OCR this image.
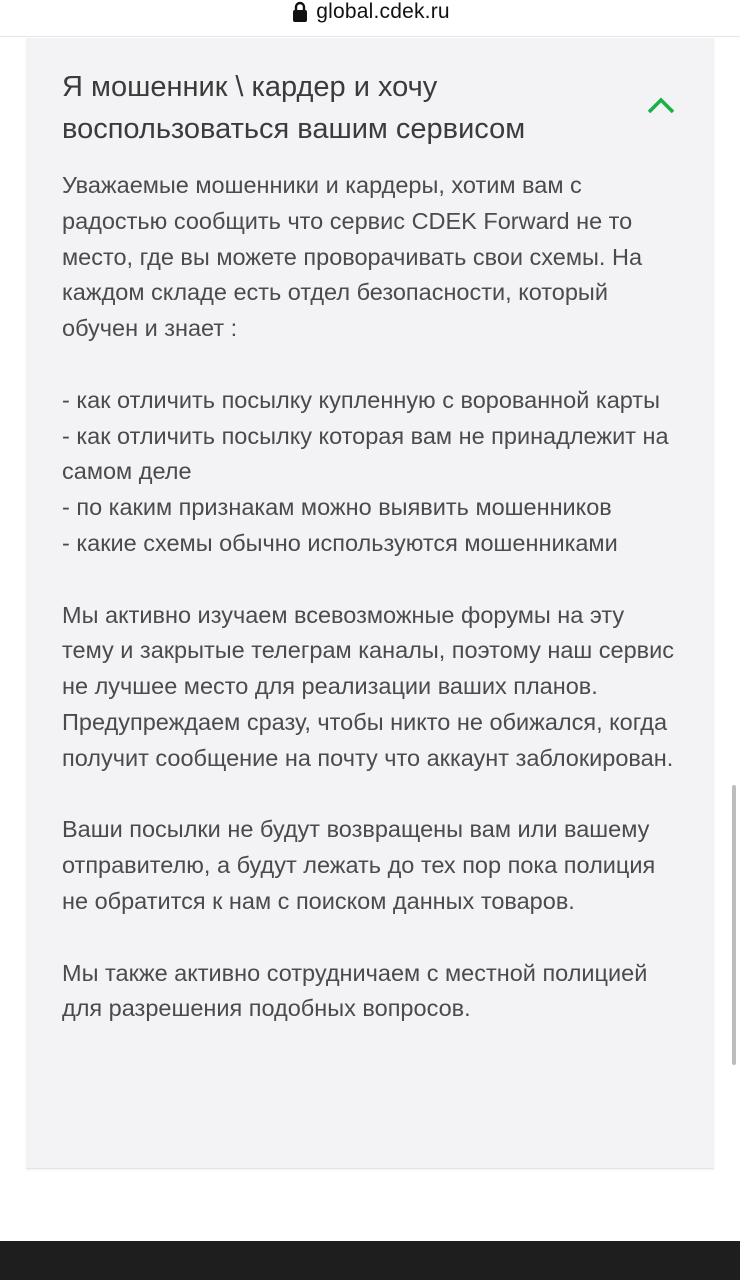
global.cdek.ru
Я мошенник \ кардер и хочу воспользоваться вашим сервисом

Уважаемые мошенники и кардеры, хотим вам с радостью сообщить что сервис CDEK Forward не то место, где вы можете проворачивать свои схемы. На каждом складе есть отдел безопасности, который обучен и знает :

- как отличить посылку купленную с ворованной карты

- как отличить посылку которая вам не принадлежит на самом деле

- по каким признакам можно выявить мошенников

- какие схемы обычно используются мошенниками

Мы активно изучаем всевозможные форумы на эту тему и закрытые телеграм каналы, поэтому наш сервис не лучшее место для реализации ваших планов. Предупреждаем сразу, чтобы никто не обижался, когда получит сообщение на почту что аккаунт заблокирован.

Ваши посылки не будут возвращены вам или вашему отправителю, а будут лежать до тех пор пока полиция не обратится к нам с поиском данных товаров.

Мы также активно сотрудничаем с местной полицией для разрешения подобных вопросов.
